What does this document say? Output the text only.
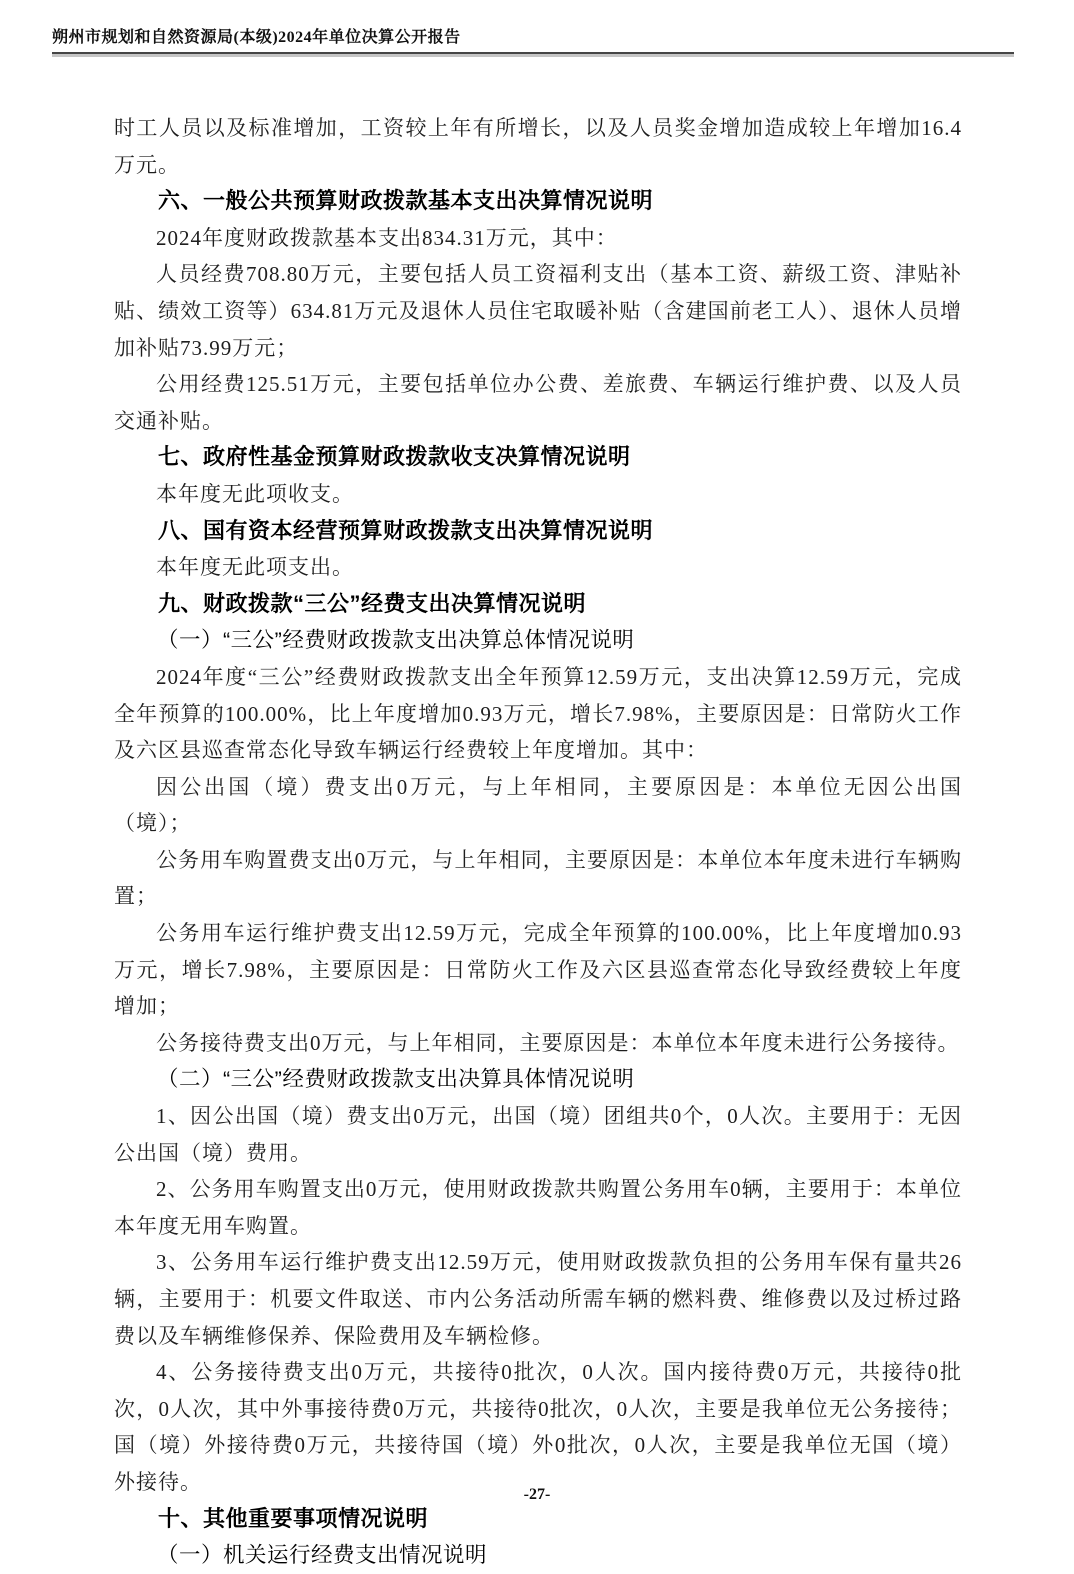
朔州市规划和自然资源局(本级)2024年单位决算公开报告

时工人员以及标准增加，工资较上年有所增长，以及人员奖金增加造成较上年增加16.4万元。

六、一般公共预算财政拨款基本支出决算情况说明

2024年度财政拨款基本支出834.31万元，其中：

人员经费708.80万元，主要包括人员工资福利支出（基本工资、薪级工资、津贴补贴、绩效工资等）634.81万元及退休人员住宅取暖补贴（含建国前老工人）、退休人员增加补贴73.99万元；

公用经费125.51万元，主要包括单位办公费、差旅费、车辆运行维护费、以及人员交通补贴。

七、政府性基金预算财政拨款收支决算情况说明

本年度无此项收支。

八、国有资本经营预算财政拨款支出决算情况说明

本年度无此项支出。

九、财政拨款“三公”经费支出决算情况说明

（一）“三公”经费财政拨款支出决算总体情况说明

2024年度“三公”经费财政拨款支出全年预算12.59万元，支出决算12.59万元，完成全年预算的100.00%，比上年度增加0.93万元，增长7.98%，主要原因是：日常防火工作及六区县巡查常态化导致车辆运行经费较上年度增加。其中：

因公出国（境）费支出0万元，与上年相同，主要原因是：本单位无因公出国（境）；

公务用车购置费支出0万元，与上年相同，主要原因是：本单位本年度未进行车辆购置；

公务用车运行维护费支出12.59万元，完成全年预算的100.00%，比上年度增加0.93万元，增长7.98%，主要原因是：日常防火工作及六区县巡查常态化导致经费较上年度增加；

公务接待费支出0万元，与上年相同，主要原因是：本单位本年度未进行公务接待。

（二）“三公”经费财政拨款支出决算具体情况说明

1、因公出国（境）费支出0万元，出国（境）团组共0个，0人次。主要用于：无因公出国（境）费用。

2、公务用车购置支出0万元，使用财政拨款共购置公务用车0辆，主要用于：本单位本年度无用车购置。

3、公务用车运行维护费支出12.59万元，使用财政拨款负担的公务用车保有量共26辆，主要用于：机要文件取送、市内公务活动所需车辆的燃料费、维修费以及过桥过路费以及车辆维修保养、保险费用及车辆检修。

4、公务接待费支出0万元，共接待0批次，0人次。国内接待费0万元，共接待0批次，0人次，其中外事接待费0万元，共接待0批次，0人次，主要是我单位无公务接待；国（境）外接待费0万元，共接待国（境）外0批次，0人次，主要是我单位无国（境）外接待。

十、其他重要事项情况说明

（一）机关运行经费支出情况说明

-27-
